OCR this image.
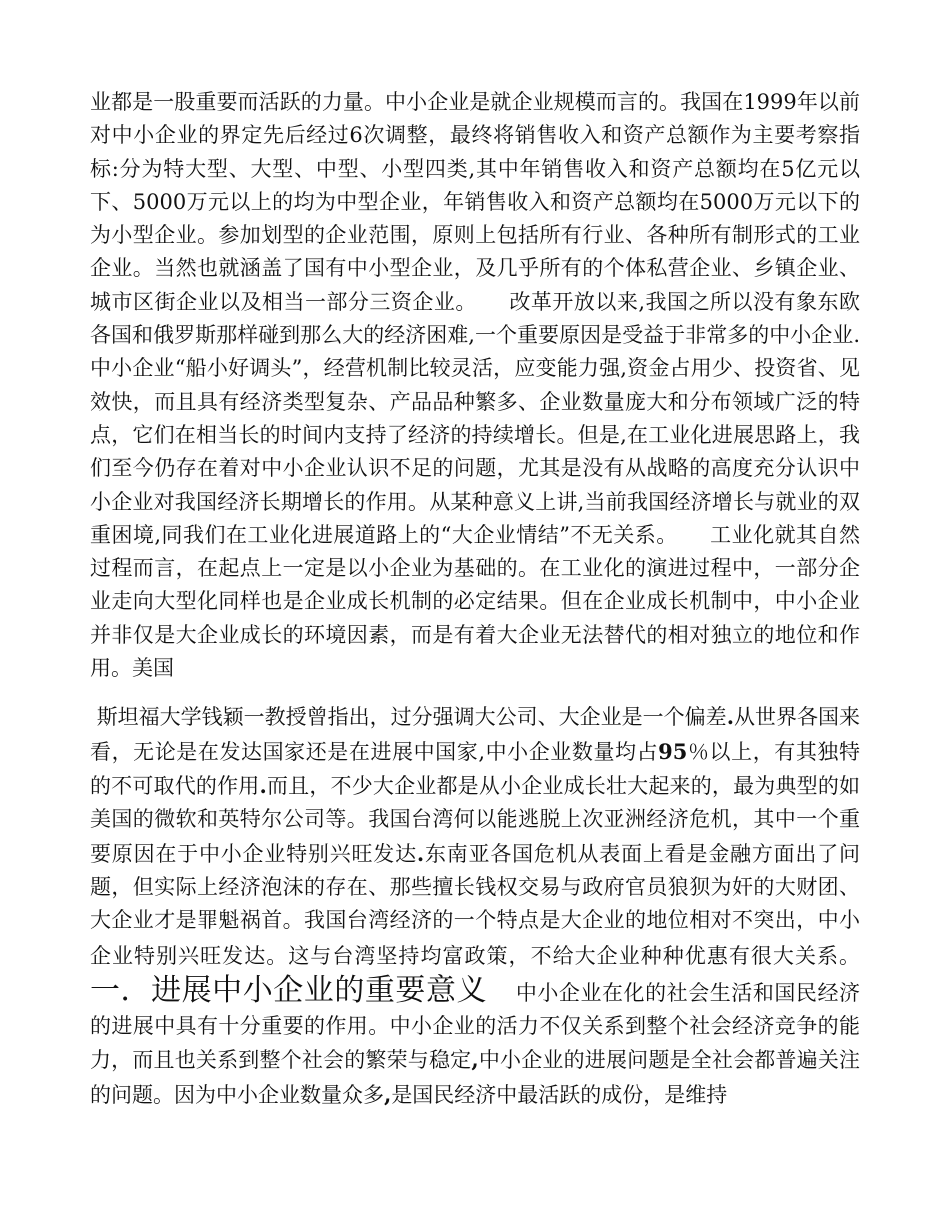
业都是一股重要而活跃的力量。中小企业是就企业规模而言的。我国在1999年以前对中小企业的界定先后经过6次调整，最终将销售收入和资产总额作为主要考察指标:分为特大型、大型、中型、小型四类,其中年销售收入和资产总额均在5亿元以下、5000万元以上的均为中型企业，年销售收入和资产总额均在5000万元以下的为小型企业。参加划型的企业范围，原则上包括所有行业、各种所有制形式的工业企业。当然也就涵盖了国有中小型企业，及几乎所有的个体私营企业、乡镇企业、城市区街企业以及相当一部分三资企业。　　改革开放以来,我国之所以没有象东欧各国和俄罗斯那样碰到那么大的经济困难,一个重要原因是受益于非常多的中小企业.中小企业“船小好调头”，经营机制比较灵活，应变能力强,资金占用少、投资省、见效快，而且具有经济类型复杂、产品品种繁多、企业数量庞大和分布领域广泛的特点，它们在相当长的时间内支持了经济的持续增长。但是,在工业化进展思路上，我们至今仍存在着对中小企业认识不足的问题，尤其是没有从战略的高度充分认识中小企业对我国经济长期增长的作用。从某种意义上讲,当前我国经济增长与就业的双重困境,同我们在工业化进展道路上的“大企业情结”不无关系。　　工业化就其自然过程而言，在起点上一定是以小企业为基础的。在工业化的演进过程中，一部分企业走向大型化同样也是企业成长机制的必定结果。但在企业成长机制中，中小企业并非仅是大企业成长的环境因素，而是有着大企业无法替代的相对独立的地位和作用。美国

斯坦福大学钱颖一教授曾指出，过分强调大公司、大企业是一个偏差.从世界各国来看，无论是在发达国家还是在进展中国家,中小企业数量均占95％以上，有其独特的不可取代的作用.而且，不少大企业都是从小企业成长壮大起来的，最为典型的如美国的微软和英特尔公司等。我国台湾何以能逃脱上次亚洲经济危机，其中一个重要原因在于中小企业特别兴旺发达.东南亚各国危机从表面上看是金融方面出了问题，但实际上经济泡沫的存在、那些擅长钱权交易与政府官员狼狈为奸的大财团、大企业才是罪魁祸首。我国台湾经济的一个特点是大企业的地位相对不突出，中小企业特别兴旺发达。这与台湾坚持均富政策，不给大企业种种优惠有很大关系。 一．进展中小企业的重要意义　 中小企业在化的社会生活和国民经济的进展中具有十分重要的作用。中小企业的活力不仅关系到整个社会经济竞争的能力，而且也关系到整个社会的繁荣与稳定,中小企业的进展问题是全社会都普遍关注的问题。因为中小企业数量众多,是国民经济中最活跃的成份，是维持
